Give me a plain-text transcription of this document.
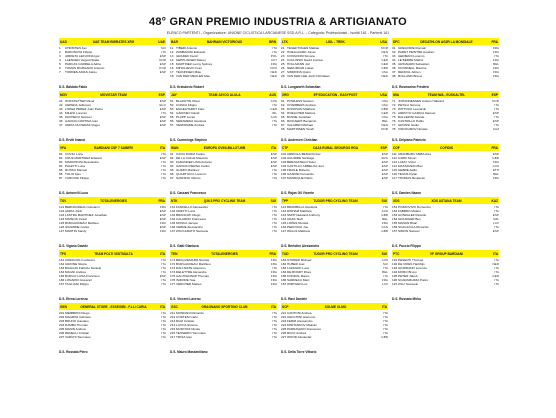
48° GRAN PREMIO INDUSTRIA & ARTIGIANATO
ELENCO PARTENTI - Organizzatore: UNIONE CICLISTICA LARCIANESE SSD A R.L. - Categoria: Professionisti - Iscritti 161 - Partenti 161
UAD	UAE TEAM EMIRATES XRG	UAE
1	CHRISTEN Jan	SUI
2	BARONCINI Filippo	ITA
3	ARRIETA LEKUONA Igor	ESP
4	LAENGEN Vegard Stake	NOR
5	PARCAS CARDELA Adria	ESP
6	TOMAS MORGADO Antonio	POR
7	TORRES ARIAS Jaime	ESP
D.S. Baldato Fabio
BAR	BAHRAIN VICTORIOUS	BRN
11 TIBERI Antonio	ITA
12 ZAMBANINI Edoardo	ITA
13 GRADEK Kamil	POL
14 KEPPLINGER Rainer	AUT
15 MARTINEZ Lenny Sydney	FRA
16 MIHOLJEVIC Fran	CRO
17 TEUNISSEN Mike	NED
18 VAN DER MEULEN Max	NED
D.S. Krstulovic Robert
LTK	LIDL - TREK	USA
21 TEGEFTOGEN Mattias	NOR
22 HOELGAARD Jonas	DEN
23 CONSONNI Simone	ITA
24 COLLINSKI David Joshua	GER
25 HOLLMANN Juri	GER
26 NERURKAR Lukas	GBR
27 SIMMONS Quinn	USA
28 VAN DER LEE Jordi Christiaan	NED
D.S. Longworth Sebastian
DFC	DECATHLON AG2R LA MONDIALE	FRA
31 GREGOIRE Romain	FRA
32 PARET PEINTRE Aurelien	FRA
33 GERMANI Lorenzo	ITA
34 LE BERRE Mathis	FRA
35 GRIGNARD Sebastien	BEL
36 OCONNELL Maxime	FRA
37 RENOUL Adrien	FRA
38 ROLLAND Brieuc	FRA
D.S. Rosmarino Frédéric
MOV	MOVISTAR TEAM	ESP
41 HOFSTETTER Pavel	ESP
42 CEPEDA Jefferson	ECU
43 LOPEZ PEREZ Juan Pedro	ESP
44 MILESI Lorenzo	ITA
45 PACHECO Samuel	ESP
46 GARCIA CORTINA Ivan	ESP
47 ADRIA OLIVERAS Roger	ESP
D.S. Erviti Imanol
JAY	TEAM JAYCO ALULA	AUS
51 BLAZOTIN Oliver	AUS
52 CONCA Filippo	ITA
53 ENGELHARDT Felix	GER
54 GAFFNEY David	IRL
55 PLAPP Lucas	AUS
56 SERAMEDA Gianluca	ITA
57 VENDRAME Andrea	ITA
D.S. Cummings Stephen
XRG	EF EDUCATION - EASYPOST	USA
61 POWLESS Neilson	USA
62 CHAMBERS Andrew	USA
63 DONOVAN Matthew	GBR
64 HOELCHER Markus	GER
65 BUSSE Jonathan	USA
66 RICKAERT Benjamin	BEL
67 VALGREN Michael	DEN
68 MARTINSEN Toralf	NOR
D.S. Andersen Christian
IWA	TEAM IWA - EUSKALTEL	ESP
71 JOHANNESSEN Anders Hallvard	NOR
72 PETILLI Simone	ITA
73 WITTOCK Leonardo	ITA
74 ARROYO GARCIA Samuel	ESP
75 BALLERINI Davide	ITA
76 CASTRILLO Pablo	ESP
77 GROSSI Giulio	ITA
78 VINOKUROV Nicolas	KAZ
D.S. Delpiano Fabrizio
VFA	BARDIANI CSF 7 SABERI	ITA
81 COVILI Luca	ITA
82 CRUZ MARTINEZ Edward	ESP
83 MARCHIONI Alessandro	ITA
84 PALETTI Luca	ITA
85 RUSSO Manuel	ITA
86 TOLIO Alex	ITA
87 TURCONI Filippo	ITA
D.S. Antonelli Luca
WAN	EUROPA OVINI-BILLOT-WB	ITA
91 CAVIA DANIZ Carlos	ESP
92 DE LA CALLE Mauricio	ESP
93 FADUNDEZ LIMA Antonio	ESP
94 GARCIA PIERNA Carlos	ESP
95 GUZZO Martinez	ITA
96 QUARTUCCI Lorenzo	ITA
97 SANNINO Vittorio	ITA
D.S. Cassani Francesco
CTF	CAJA RURAL SEGUROS RGA	ESP
101 ARRIOLA-BENGOA Iker	ESP
102 AGUIRRE Santiago	ARG
103 BERASATEGI Hodei	ESP
104 CASTILLO ARBELOA Joel	ESP
105 FRAILE Roberto	ESP
106 GASPAR Fernando	ESP
107 MANRIQUE Pablo	ESP
D.S. Rojas Gil Vicente
COF	COFIDIS	FRA
111 ARANBURU DEBA Alex	ESP
112 CARR Simon	GBR
113 LAFAY Victor	FRA
114 MASSIGNAN Ben	AUS
115 GEBRE Aklilu	ETH
116 TEUNS Dylan	BEL
117 THOMAS Benjamin	FRA
D.S. Damien Nazon
TSV	TOTALENERGIES	FRA
121 BERNAUDEAU Giovanni	FRA
122 ADRIA Jordi	ESP
123 LASTRA MARTINEZ Jonathan	ESP
124 MATEOS Cesar	ESP
125 BURGAUDEAU Mathieu	FRA
126 IZAGIRRE Gorka	ESP
127 MARTIN Sandy	FRA
D.S. Vigano Davide
NTK	Q36.5 PRO CYCLING TEAM	SUI
131 FANCELLU Alessandro	ITA
132 ORETTI Luca	ITA
133 BRANCATI Diego	ITA
134 CALARDO Francesco	ITA
135 MOSCA Jacopo	ITA
136 VERRE Alessandro	ITA
137 ZOCCARATO Samuele	ITA
D.S. Gatti Gianluca
TPP	TUDOR PRO CYCLING TEAM	SUI
141 BRAMBILLA Gianluca	ITA
142 DINHAM Matthew	AUS
143 SMITH Edward Anthony	GBR
144 CRAS Steff	BEL
145 LOPES Nicolas	FRA
146 PEDCOCK Joe	CAN
147 WALLS Matthew	GBR
D.S. Bertolini Alessandro
XDS	XDS ASTANA TEAM	KAZ
151 POZZOVIVO Domenico	ITA
152 FABBRO Matteo	ITA
153 GONZALEZ Ricardo	ESP
154 GRANIGER Ben	NZL
155 MANAN Brian	LUX
156 SCAGLIOLA Riccardo	ITA
157 SIMON Samuel	ESP
D.S. Puccio Filippo
TFS	TEAM POLTI VISITMALTA	ITA
161 CRESCIOLI Ludovico	ITA
162 GIRONE Nicola	ITA
163 BIAGGIO Fabrizio Daniele	ITA
164 MAGNI Andrea	ITA
165 BURGO LUNA Francisco	ESP
166 LONARDI Giovanni	ITA
167 TAGLIANI Filippo	ITA
D.S. Elena Lorenzo
TEN	TOTALENERGIES	FRA
171 BRAQUEMARD Nicolas	FRA
172 BURGAUDEAU Matthieu	FRA
173 DALL'ESTE Giacomo	ITA
174 DELETTRE Alexandre	FRA
175 GACHIGNARD Thomas	FRA
176 ISIDORE Noa	FRA
177 VERCHER Mattéo	FRA
D.S. Vincent Lavenu
TUD	TUDOR PRO CYCLING TEAM	SUI
181 STORER Michael	AUS
182 HUBER Joel	SUI
183 LAZZARO Luca	ITA
184 DE BONDT Dries	BEL
185 KONDOL Marco	ITA
186 SARREAU Marc	FRA
187 WIRTGEN Luc	LUX
D.S. Ravi Daniele
PTC	VF GROUP BARDIANI	ITA
191 PESENTI Thomas	ITA
192 DE VRIES Hartthijs	NED
193 GIORDANO Lorenzo	ITA
194 MORO Bruno	ITA
195 PETER Jakob	GER
196 SCARAMUZZA Pietro	ITA
197 ZILLI Samuele	ITA
D.S. Rossato Mirko
GEN	GENERAL STORE - ESSEGIBI - F.LLI CURIA	ITA
201 MEMBRINI Diego	ITA
202 MAGRINI Gabriele	ITA
203 BRUNO Gaetano	ITA
204 DAMBA Thomas	ITA
205 MANIN Andrea	ITA
206 RENELLI Cristian	ITA
207 VARCHI Tommaso	ITA
D.S. Rossato Piero
GSC	GRAGNANO SPORTING CLUB	ITA
211 MONDANI Riccardo	ITA
212 CORTESI Carlo	ITA
213 DIAZ Cristian	ITA
214 LUCCA Simone	ITA
215 MUNTONI Nicola	ITA
216 TESSERIN Tommaso	ITA
217 TROIA Ivan	ITA
D.S. Mauro Massimiliano
SCP	SOLME OLMO	ITA
221 CANTONI Andrea	ITA
222 CECCHINI Giacomo	ITA
223 FERRI Alessandro	ITA
224 MISHANKOV Maksim	ITA
225 PARRAVANO Francesco	ITA
226 RICCI Andrea	ITA
227 WOOD Alexander	GBR
D.S. Della Torre Vittorio
